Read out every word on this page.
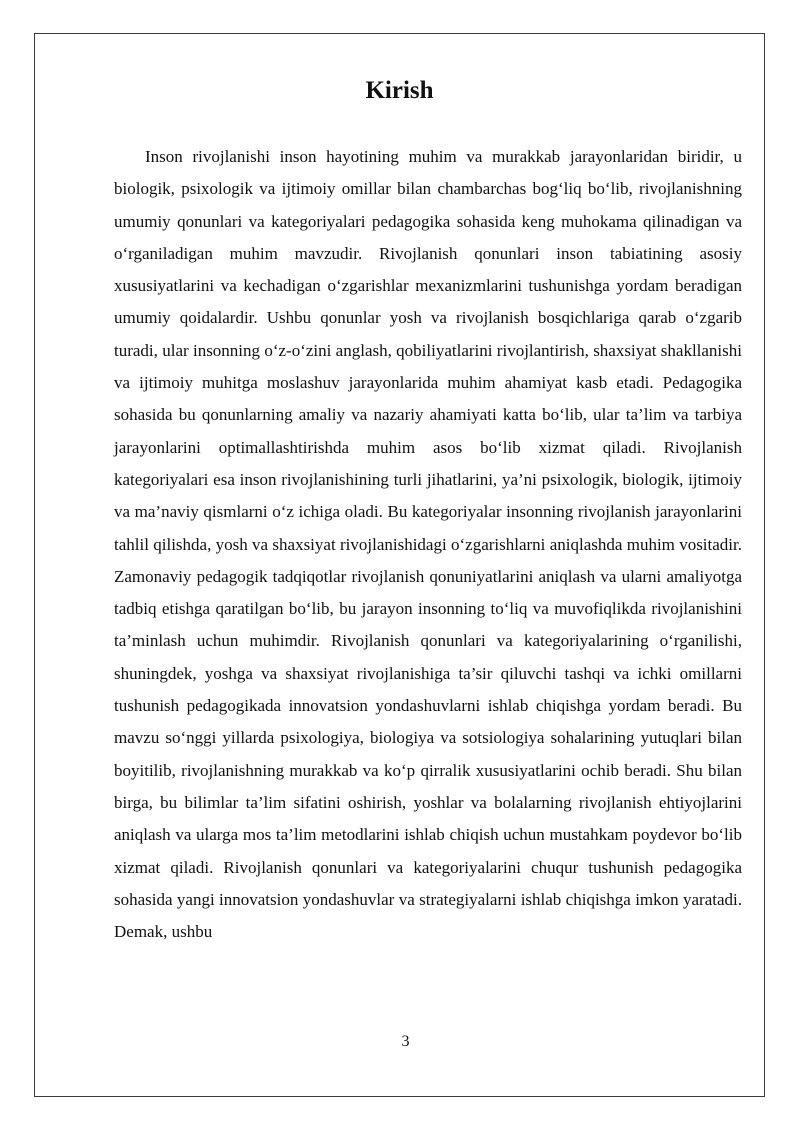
Kirish

Inson rivojlanishi inson hayotining muhim va murakkab jarayonlaridan biridir, u biologik, psixologik va ijtimoiy omillar bilan chambarchas bog‘liq bo‘lib, rivojlanishning umumiy qonunlari va kategoriyalari pedagogika sohasida keng muhokama qilinadigan va o‘rganiladigan muhim mavzudir. Rivojlanish qonunlari inson tabiatining asosiy xususiyatlarini va kechadigan o‘zgarishlar mexanizmlarini tushunishga yordam beradigan umumiy qoidalardir. Ushbu qonunlar yosh va rivojlanish bosqichlariga qarab o‘zgarib turadi, ular insonning o‘z-o‘zini anglash, qobiliyatlarini rivojlantirish, shaxsiyat shakllanishi va ijtimoiy muhitga moslashuv jarayonlarida muhim ahamiyat kasb etadi. Pedagogika sohasida bu qonunlarning amaliy va nazariy ahamiyati katta bo‘lib, ular ta’lim va tarbiya jarayonlarini optimallashtirishda muhim asos bo‘lib xizmat qiladi. Rivojlanish kategoriyalari esa inson rivojlanishining turli jihatlarini, ya’ni psixologik, biologik, ijtimoiy va ma’naviy qismlarni o‘z ichiga oladi. Bu kategoriyalar insonning rivojlanish jarayonlarini tahlil qilishda, yosh va shaxsiyat rivojlanishidagi o‘zgarishlarni aniqlashda muhim vositadir. Zamonaviy pedagogik tadqiqotlar rivojlanish qonuniyatlarini aniqlash va ularni amaliyotga tadbiq etishga qaratilgan bo‘lib, bu jarayon insonning to‘liq va muvofiqlikda rivojlanishini ta’minlash uchun muhimdir. Rivojlanish qonunlari va kategoriyalarining o‘rganilishi, shuningdek, yoshga va shaxsiyat rivojlanishiga ta’sir qiluvchi tashqi va ichki omillarni tushunish pedagogikada innovatsion yondashuvlarni ishlab chiqishga yordam beradi. Bu mavzu so‘nggi yillarda psixologiya, biologiya va sotsiologiya sohalarining yutuqlari bilan boyitilib, rivojlanishning murakkab va ko‘p qirralik xususiyatlarini ochib beradi. Shu bilan birga, bu bilimlar ta’lim sifatini oshirish, yoshlar va bolalarning rivojlanish ehtiyojlarini aniqlash va ularga mos ta’lim metodlarini ishlab chiqish uchun mustahkam poydevor bo‘lib xizmat qiladi. Rivojlanish qonunlari va kategoriyalarini chuqur tushunish pedagogika sohasida yangi innovatsion yondashuvlar va strategiyalarni ishlab chiqishga imkon yaratadi. Demak, ushbu

3
